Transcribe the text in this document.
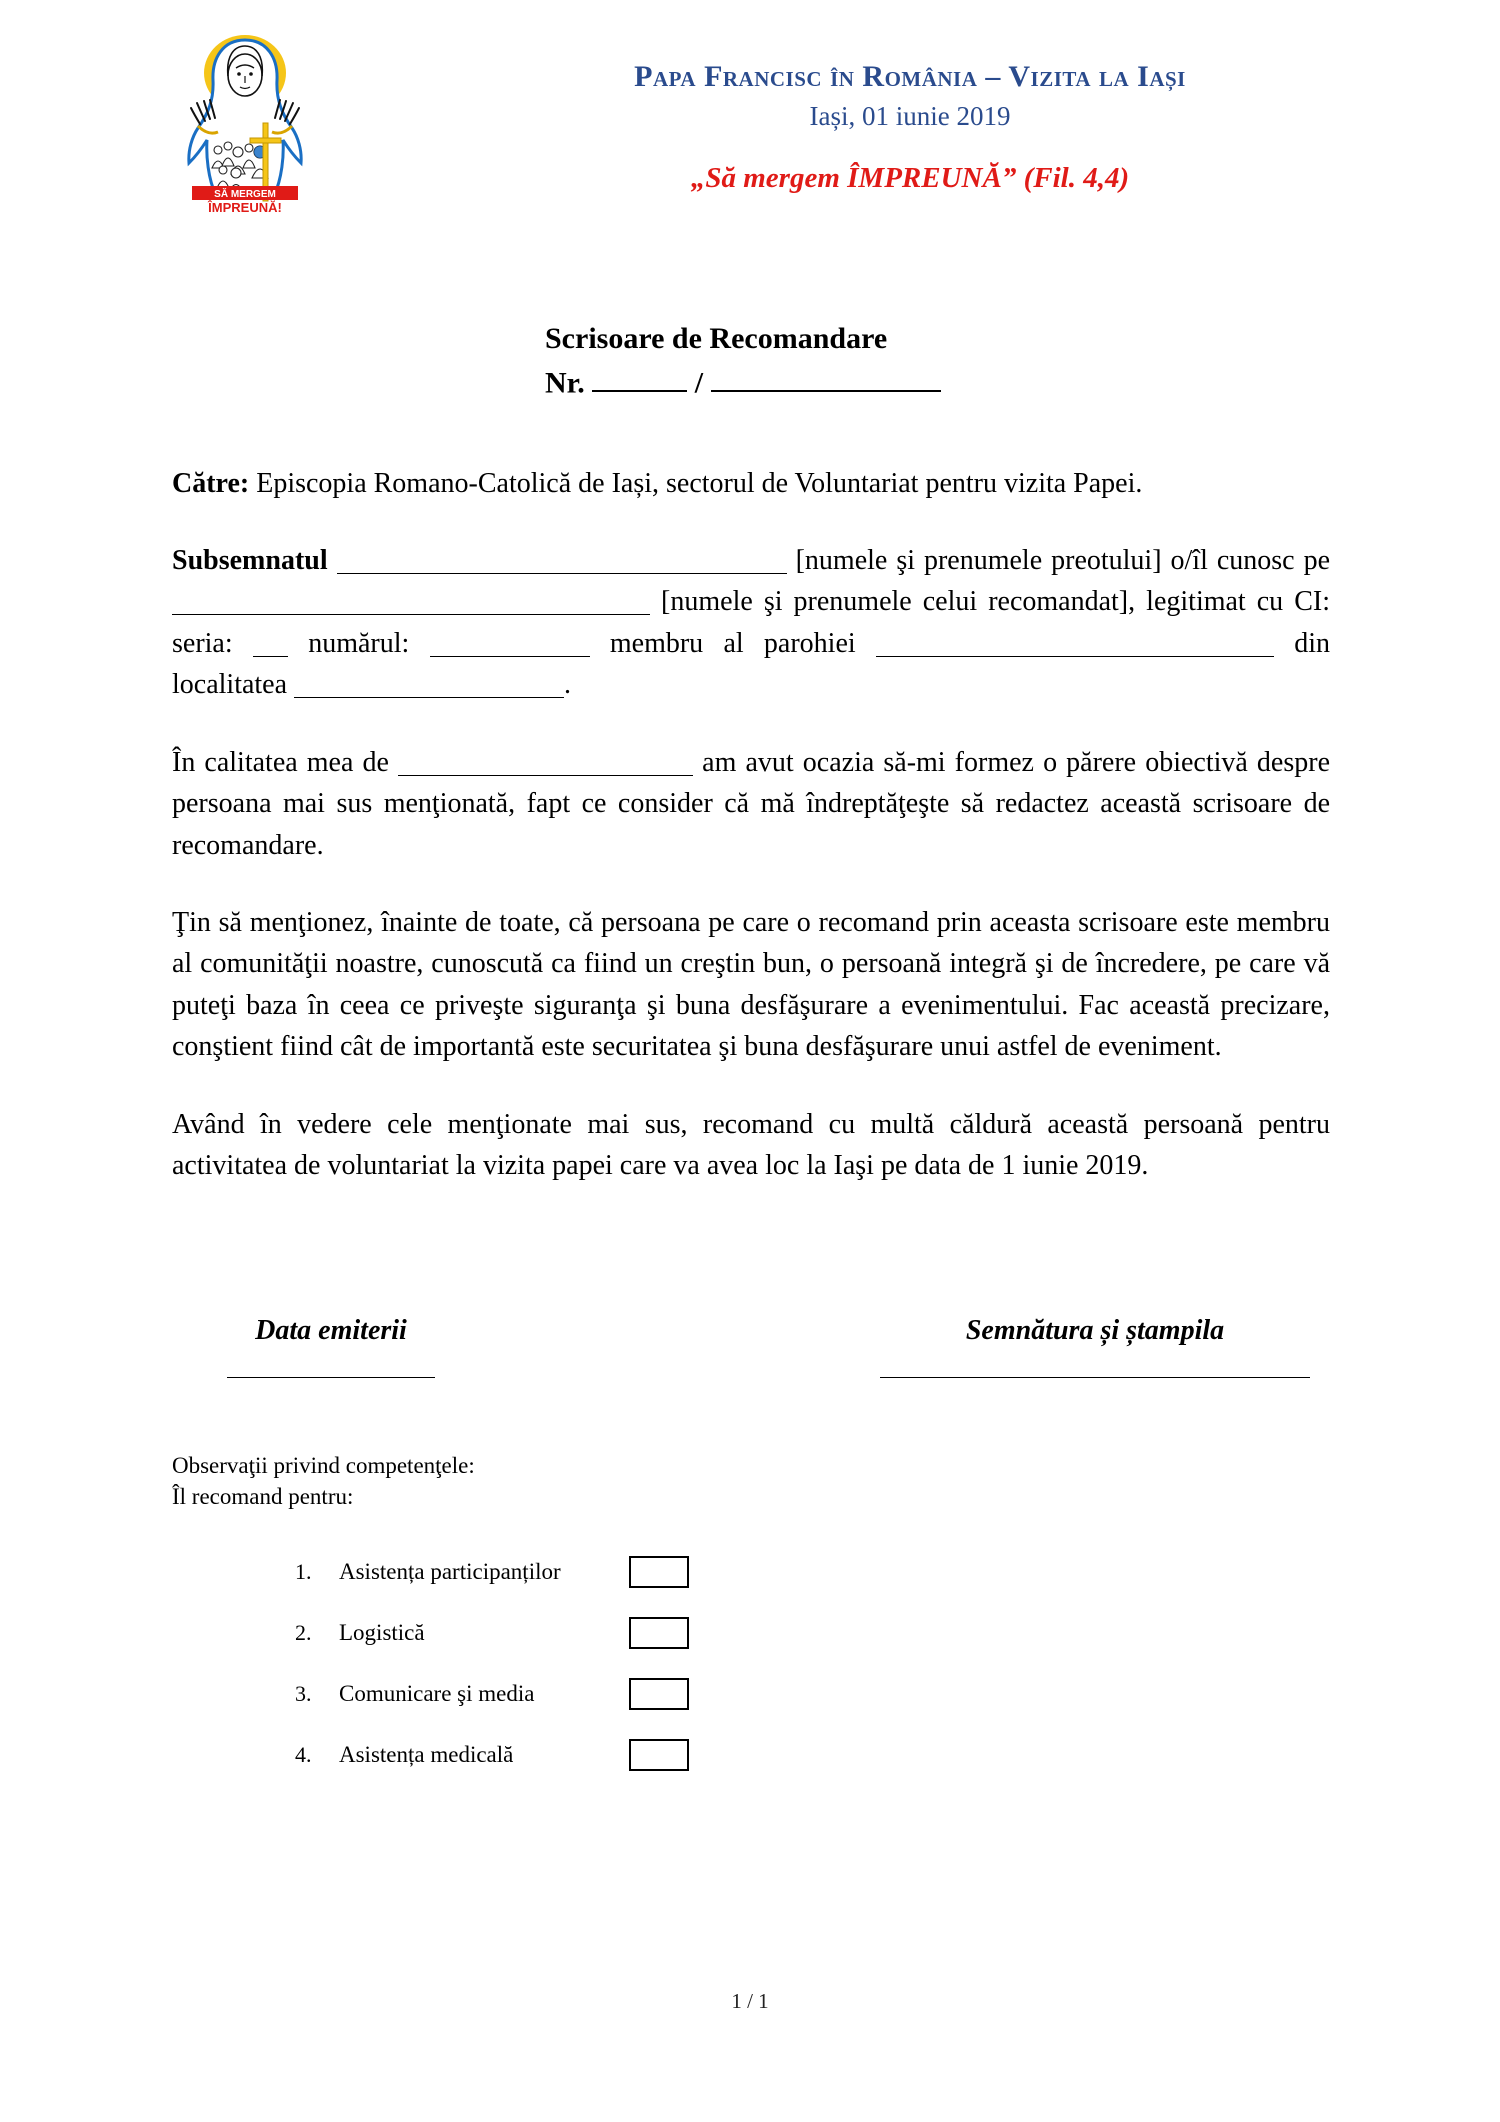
SĂ MERGEM
ÎMPREUNĂ!
Papa Francisc în România – Vizita la Iași
Iași, 01 iunie 2019
„Să mergem ÎMPREUNĂ” (Fil. 4,4)
Scrisoare de Recomandare
Nr.	/

Către: Episcopia Romano-Catolică de Iași, sectorul de Voluntariat pentru vizita Papei.

Subsemnatul	[numele şi prenumele preotului] o/îl cunosc pe  [numele şi prenumele celui recomandat], legitimat cu CI: seria:	numărul:	membru al parohiei	din localitatea	.

În calitatea mea de	am avut ocazia să-mi formez o părere obiectivă despre persoana mai sus menţionată, fapt ce consider că mă îndreptăţeşte să redactez această scrisoare de recomandare.

Ţin să menţionez, înainte de toate, că persoana pe care o recomand prin aceasta scrisoare este membru al comunităţii noastre, cunoscută ca fiind un creştin bun, o persoană integră şi de încredere, pe care vă puteţi baza în ceea ce priveşte siguranţa şi buna desfăşurare a evenimentului. Fac această precizare, conştient fiind cât de importantă este securitatea şi buna desfăşurare unui astfel de eveniment.

Având în vedere cele menţionate mai sus, recomand cu multă căldură această persoană pentru activitatea de voluntariat la vizita papei care va avea loc la Iaşi pe data de 1 iunie 2019.

Data emiterii	Semnătura și ștampila
Observaţii privind competenţele:
Îl recomand pentru:
1.	Asistența participanților
2.	Logistică
3.	Comunicare şi media
4.	Asistența medicală
1 / 1
